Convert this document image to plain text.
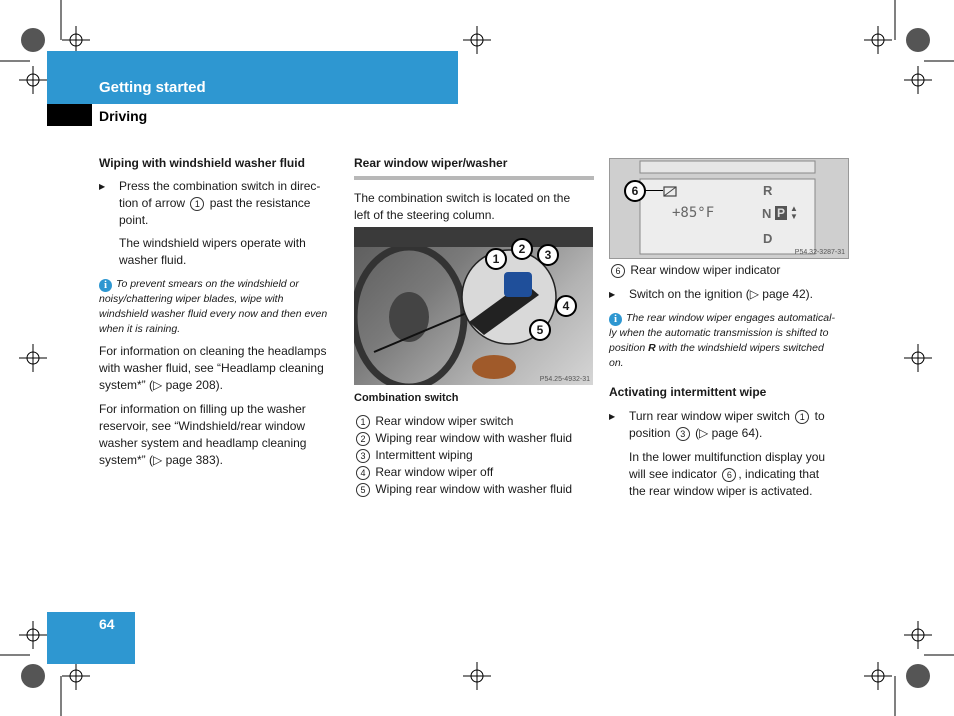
Getting started
Driving
64

Wiping with windshield washer fluid

▶ Press the combination switch in direc-
tion of arrow 1 past the resistance
point.
The windshield wipers operate with
washer fluid.
i To prevent smears on the windshield or
noisy/chattering wiper blades, wipe with
windshield washer fluid every now and then even
when it is raining.
For information on cleaning the headlamps
with washer fluid, see “Headlamp cleaning
system*” (▷ page 208).
For information on filling up the washer
reservoir, see “Windshield/rear window
washer system and headlamp cleaning
system*” (▷ page 383).

Rear window wiper/washer

The combination switch is located on the
left of the steering column.
1
2	3
4
5
P54.25-4932-31

Combination switch

1 Rear window wiper switch
2 Wiping rear window with washer fluid
3 Intermittent wiping
4 Rear window wiper off
5 Wiping rear window with washer fluid
+85°F
R
N P ▲
▼
D
6
P54.32-3287-31
6 Rear window wiper indicator
▶ Switch on the ignition (▷ page 42).
i The rear window wiper engages automatical-
ly when the automatic transmission is shifted to
position R with the windshield wipers switched
on.

Activating intermittent wipe

▶ Turn rear window wiper switch 1 to
position 3 (▷ page 64).
In the lower multifunction display you
will see indicator 6 , indicating that
the rear window wiper is activated.
